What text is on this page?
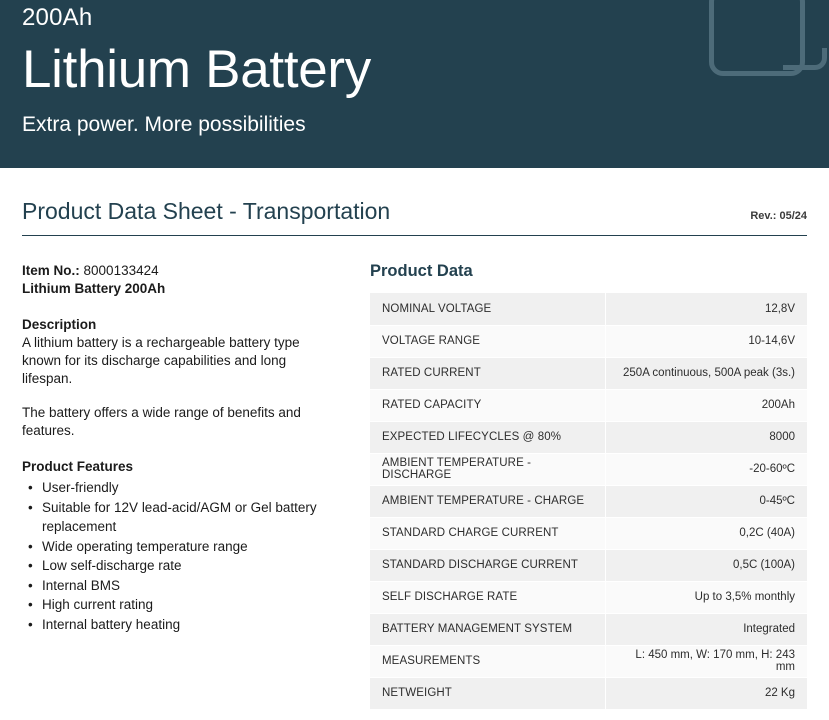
200Ah
Lithium Battery
Extra power. More possibilities
Product Data Sheet - Transportation	Rev.: 05/24
Item No.: 8000133424
Lithium Battery 200Ah
Description
A lithium battery is a rechargeable battery type known for its discharge capabilities and long lifespan.
The battery offers a wide range of benefits and features.
Product Features
• User-friendly
• Suitable for 12V lead-acid/AGM or Gel battery replacement
• Wide operating temperature range
• Low self-discharge rate
• Internal BMS
• High current rating
• Internal battery heating
Product Data
NOMINAL VOLTAGE	12,8V
VOLTAGE RANGE	10-14,6V
RATED CURRENT	250A continuous, 500A peak (3s.)
RATED CAPACITY	200Ah
EXPECTED LIFECYCLES @ 80%	8000
AMBIENT TEMPERATURE - DISCHARGE	-20-60ºC
AMBIENT TEMPERATURE - CHARGE	0-45ºC
STANDARD CHARGE CURRENT	0,2C (40A)
STANDARD DISCHARGE CURRENT	0,5C (100A)
SELF DISCHARGE RATE	Up to 3,5% monthly
BATTERY MANAGEMENT SYSTEM	Integrated
MEASUREMENTS	L: 450 mm, W: 170 mm, H: 243 mm
NETWEIGHT	22 Kg
